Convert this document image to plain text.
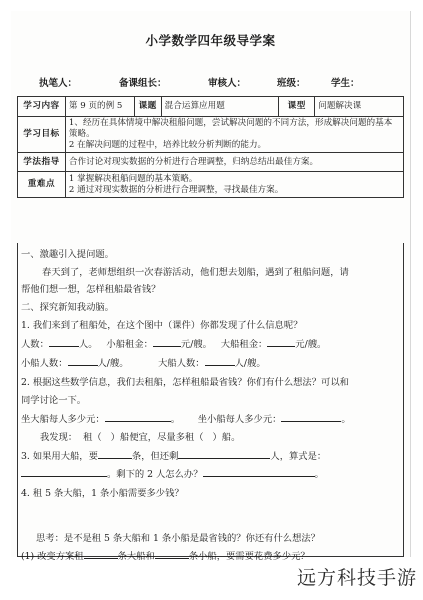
小学数学四年级导学案
执笔人：	备课组长：	审核人：	班级：	学生：
学习内容	第 9 页的例 5	课题	混合运算应用题	课型	问题解决课
学习目标	1、经历在具体情境中解决租船问题，尝试解决问题的不同方法，形成解决问题的基本策略。
2 在解决问题的过程中，培养比较分析判断的能力。				

学法指导	合作讨论对现实数据的分析进行合理调整，归纳总结出最佳方案。				
重难点	1 掌握解决租船问题的基本策略。
2 通过对现实数据的分析进行合理调整，寻找最佳方案。				
一、激趣引入提问题。
春天到了，老师想组织一次春游活动，他们想去划船，遇到了租船问题，请
帮他们想一想，怎样租船最省钱？
二、探究新知我动脑。
1. 我们来到了租船处，在这个图中（课件）你都发现了什么信息呢？
人数：	人。 小船租金：	元/艘。 大船租金：	元/艘。
小船人数：	人/艘。	大船人数：	人/艘。
2. 根据这些数学信息，我们去租船，怎样租船最省钱？你们有什么想法？可以和
同学讨论一下。
坐大船每人多少元：	。 坐小船每人多少元：	。
我发现： 租（ ）船便宜，尽量多租（ ）船。
3. 如果用大船，要	条，但还剩	人，算式是：
。剩下的 2 人怎么办？	。
4. 租 5 条大船，1 条小船需要多少钱？
思考：是不是租 5 条大船和 1 条小船是最省钱的？你还有什么想法？
(1) 改变方案租	条大船和	条小船，要需要花费多少元？
远方科技手游
